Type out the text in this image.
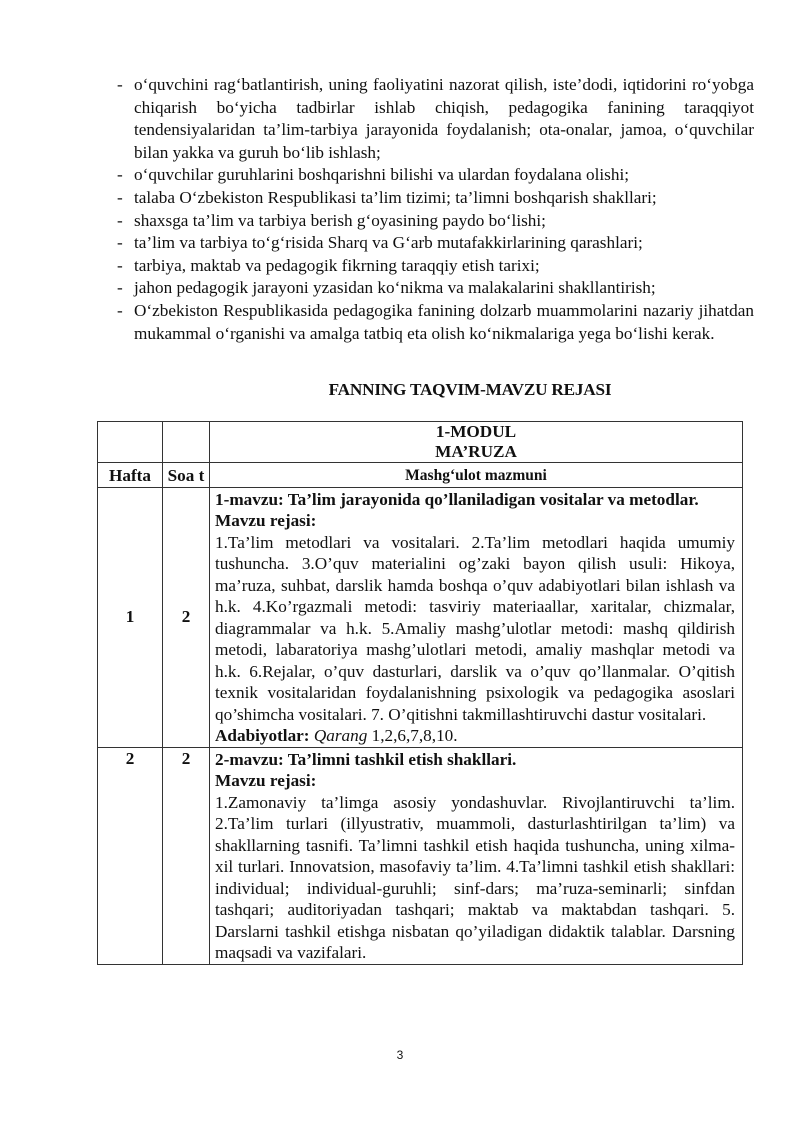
- o‘quvchini rag‘batlantirish, uning faoliyatini nazorat qilish, iste’dodi, iqtidorini ro‘yobga chiqarish bo‘yicha tadbirlar ishlab chiqish, pedagogika fanining taraqqiyot tendensiyalaridan ta’lim-tarbiya jarayonida foydalanish; ota-onalar, jamoa, o‘quvchilar bilan yakka va guruh bo‘lib ishlash;
- o‘quvchilar guruhlarini boshqarishni bilishi va ulardan foydalana olishi;
- talaba O‘zbekiston Respublikasi ta’lim tizimi; ta’limni boshqarish shakllari;
- shaxsga ta’lim va tarbiya berish g‘oyasining paydo bo‘lishi;
- ta’lim va tarbiya to‘g‘risida Sharq va G‘arb mutafakkirlarining qarashlari;
- tarbiya, maktab va pedagogik fikrning taraqqiy etish tarixi;
- jahon pedagogik jarayoni yzasidan ko‘nikma va malakalarini shakllantirish;
- O‘zbekiston Respublikasida pedagogika fanining dolzarb muammolarini nazariy jihatdan mukammal o‘rganishi va amalga tatbiq eta olish ko‘nikmalariga yega bo‘lishi kerak.
FANNING TAQVIM-MAVZU REJASI

		1-MODUL
MA’RUZA

Hafta	Soa t	Mashg‘ulot mazmuni
1	2	1-mavzu: Ta’lim jarayonida qo’llaniladigan vositalar va metodlar.
Mavzu rejasi:
1.Ta’lim metodlari va vositalari. 2.Ta’lim metodlari haqida umumiy tushuncha. 3.O’quv materialini og’zaki bayon qilish usuli: Hikoya, ma’ruza, suhbat, darslik hamda boshqa o’quv adabiyotlari bilan ishlash va h.k. 4.Ko’rgazmali metodi: tasviriy materiaallar, xaritalar, chizmalar, diagrammalar va h.k. 5.Amaliy mashg’ulotlar metodi: mashq qildirish metodi, labaratoriya mashg’ulotlari metodi, amaliy mashqlar metodi va h.k. 6.Rejalar, o’quv dasturlari, darslik va o’quv qo’llanmalar. O’qitish texnik vositalaridan foydalanishning psixologik va pedagogika asoslari qo’shimcha vositalari. 7. O’qitishni takmillashtiruvchi dastur vositalari.
Adabiyotlar: Qarang 1,2,6,7,8,10.

2	2	2-mavzu: Ta’limni tashkil etish shakllari.
Mavzu rejasi:
1.Zamonaviy ta’limga asosiy yondashuvlar. Rivojlantiruvchi ta’lim. 2.Ta’lim turlari (illyustrativ, muammoli, dasturlashtirilgan ta’lim) va shakllarning tasnifi. Ta’limni tashkil etish haqida tushuncha, uning xilma-xil turlari. Innovatsion, masofaviy ta’lim. 4.Ta’limni tashkil etish shakllari: individual; individual-guruhli; sinf-dars; ma’ruza-seminarli; sinfdan tashqari; auditoriyadan tashqari; maktab va maktabdan tashqari. 5. Darslarni tashkil etishga nisbatan qo’yiladigan didaktik talablar. Darsning maqsadi va vazifalari.
3
